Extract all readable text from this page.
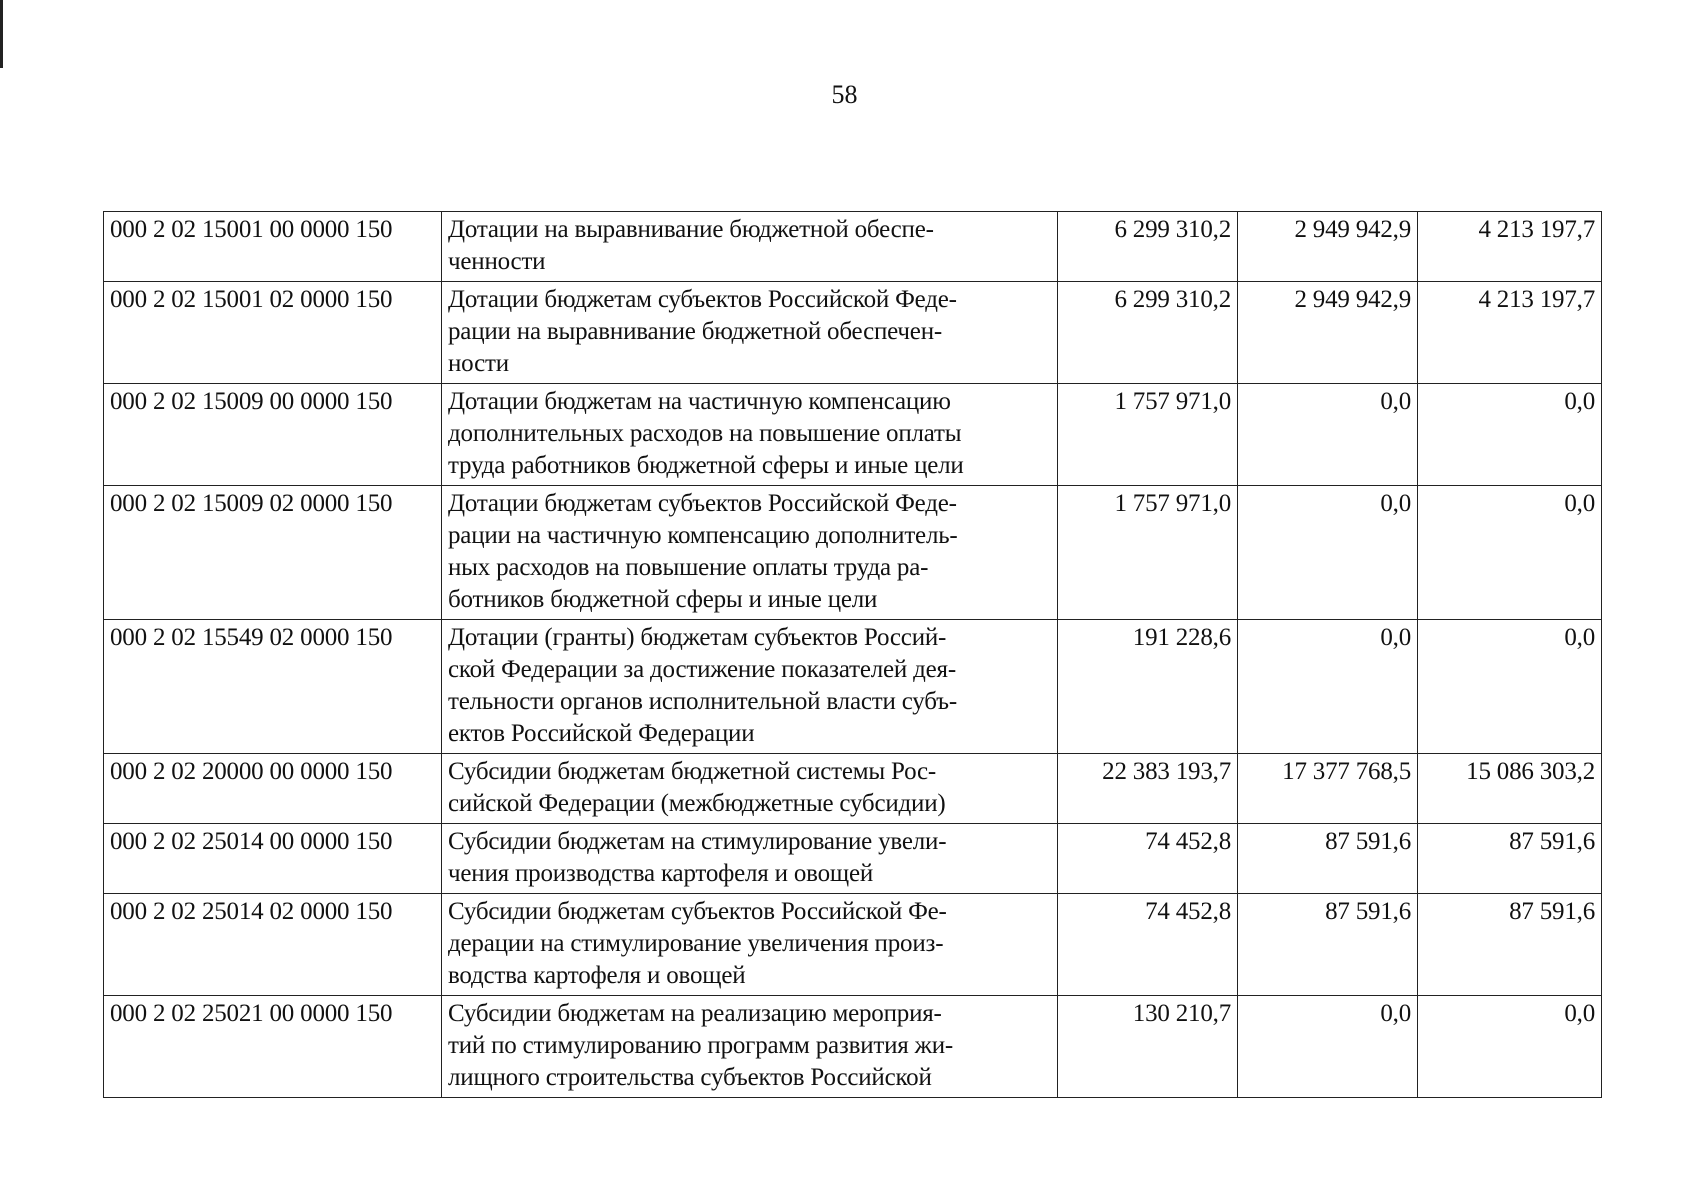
58
000 2 02 15001 00 0000 150	Дотации на выравнивание бюджетной обеспе-
ченности	6 299 310,2	2 949 942,9	4 213 197,7
000 2 02 15001 02 0000 150	Дотации бюджетам субъектов Российской Феде-
рации на выравнивание бюджетной обеспечен-
ности	6 299 310,2	2 949 942,9	4 213 197,7
000 2 02 15009 00 0000 150	Дотации бюджетам на частичную компенсацию
дополнительных расходов на повышение оплаты
труда работников бюджетной сферы и иные цели	1 757 971,0	0,0	0,0
000 2 02 15009 02 0000 150	Дотации бюджетам субъектов Российской Феде-
рации на частичную компенсацию дополнитель-
ных расходов на повышение оплаты труда ра-
ботников бюджетной сферы и иные цели	1 757 971,0	0,0	0,0
000 2 02 15549 02 0000 150	Дотации (гранты) бюджетам субъектов Россий-
ской Федерации за достижение показателей дея-
тельности органов исполнительной власти субъ-
ектов Российской Федерации	191 228,6	0,0	0,0
000 2 02 20000 00 0000 150	Субсидии бюджетам бюджетной системы Рос-
сийской Федерации (межбюджетные субсидии)	22 383 193,7	17 377 768,5	15 086 303,2
000 2 02 25014 00 0000 150	Субсидии бюджетам на стимулирование увели-
чения производства картофеля и овощей	74 452,8	87 591,6	87 591,6
000 2 02 25014 02 0000 150	Субсидии бюджетам субъектов Российской Фе-
дерации на стимулирование увеличения произ-
водства картофеля и овощей	74 452,8	87 591,6	87 591,6
000 2 02 25021 00 0000 150	Субсидии бюджетам на реализацию мероприя-
тий по стимулированию программ развития жи-
лищного строительства субъектов Российской	130 210,7	0,0	0,0
